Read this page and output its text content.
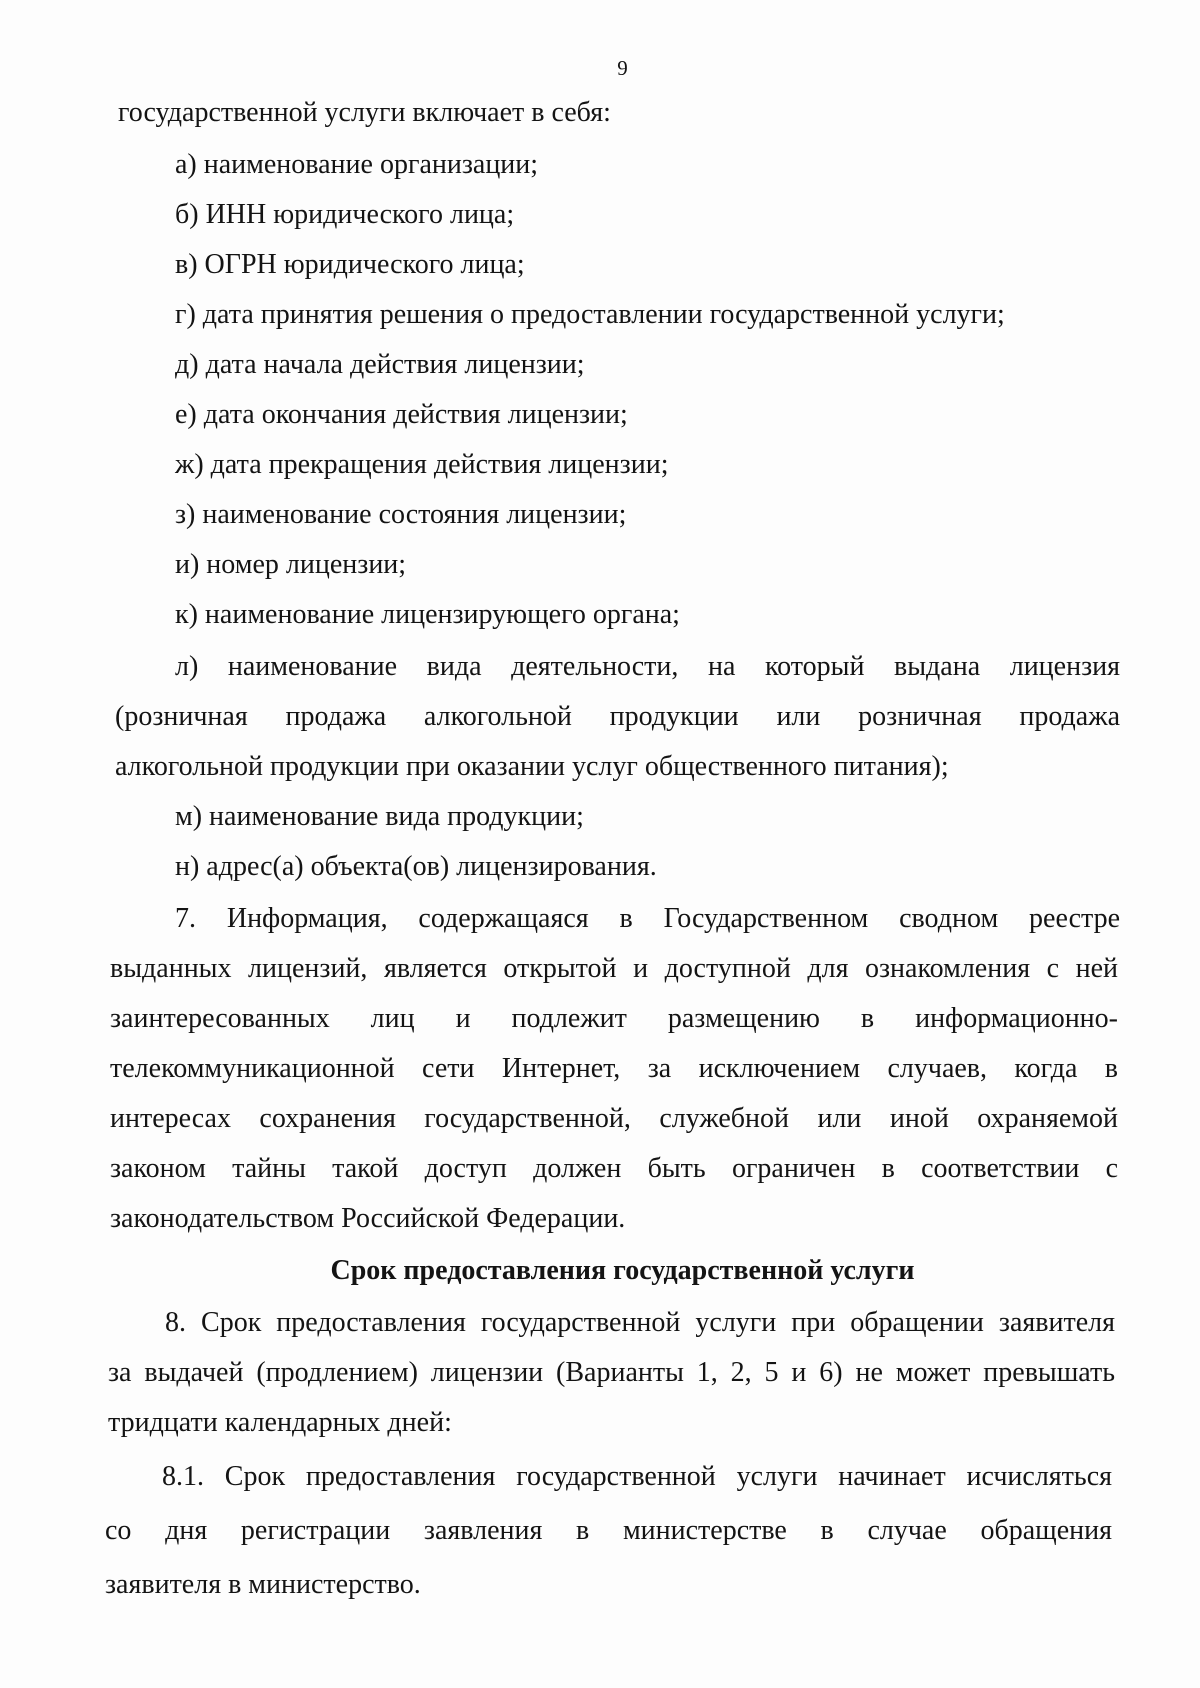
9
государственной услуги включает в себя:
а) наименование организации;
б) ИНН юридического лица;
в) ОГРН юридического лица;
г) дата принятия решения о предоставлении государственной услуги;
д) дата начала действия лицензии;
е) дата окончания действия лицензии;
ж) дата прекращения действия лицензии;
з) наименование состояния лицензии;
и) номер лицензии;
к) наименование лицензирующего органа;
л) наименование вида деятельности, на который выдана лицензия
(розничная продажа алкогольной продукции или розничная продажа
алкогольной продукции при оказании услуг общественного питания);
м) наименование вида продукции;
н) адрес(а) объекта(ов) лицензирования.
7. Информация, содержащаяся в Государственном сводном реестре
выданных лицензий, является открытой и доступной для ознакомления с ней
заинтересованных лиц и подлежит размещению в информационно-
телекоммуникационной сети Интернет, за исключением случаев, когда в
интересах сохранения государственной, служебной или иной охраняемой
законом тайны такой доступ должен быть ограничен в соответствии с
законодательством Российской Федерации.
Срок предоставления государственной услуги
8. Срок предоставления государственной услуги при обращении заявителя
за выдачей (продлением) лицензии (Варианты 1, 2, 5 и 6) не может превышать
тридцати календарных дней:
8.1. Срок предоставления государственной услуги начинает исчисляться
со дня регистрации заявления в министерстве в случае обращения
заявителя в министерство.
